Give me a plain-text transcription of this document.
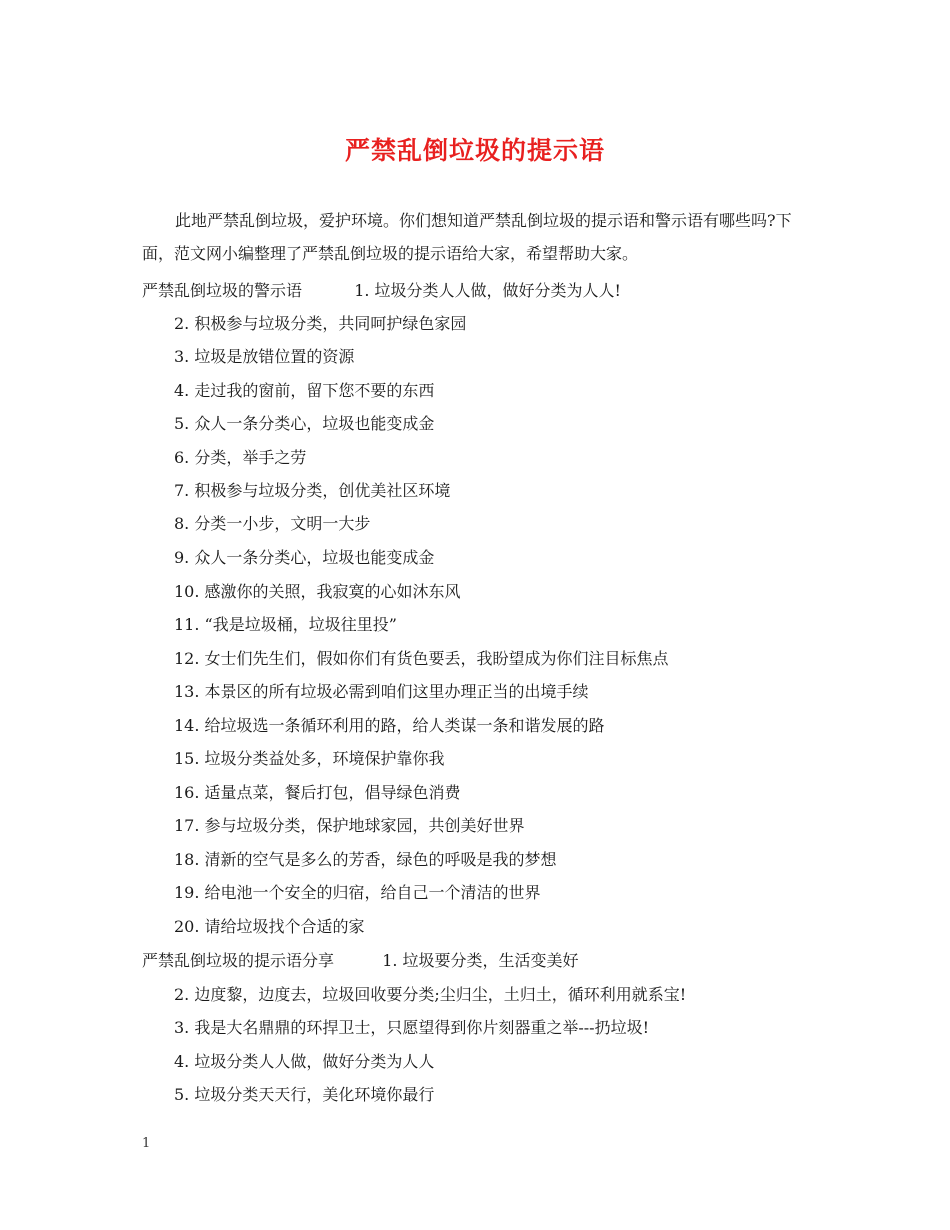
严禁乱倒垃圾的提示语
此地严禁乱倒垃圾，爱护环境。你们想知道严禁乱倒垃圾的提示语和警示语有哪些吗?下面，范文网小编整理了严禁乱倒垃圾的提示语给大家，希望帮助大家。
严禁乱倒垃圾的警示语	1. 垃圾分类人人做，做好分类为人人!
2. 积极参与垃圾分类，共同呵护绿色家园
3. 垃圾是放错位置的资源
4. 走过我的窗前，留下您不要的东西
5. 众人一条分类心，垃圾也能变成金
6. 分类，举手之劳
7. 积极参与垃圾分类，创优美社区环境
8. 分类一小步，文明一大步
9. 众人一条分类心，垃圾也能变成金
10. 感激你的关照，我寂寞的心如沐东风
11. “我是垃圾桶，垃圾往里投”
12. 女士们先生们，假如你们有货色要丢，我盼望成为你们注目标焦点
13. 本景区的所有垃圾必需到咱们这里办理正当的出境手续
14. 给垃圾选一条循环利用的路，给人类谋一条和谐发展的路
15. 垃圾分类益处多，环境保护靠你我
16. 适量点菜，餐后打包，倡导绿色消费
17. 参与垃圾分类，保护地球家园，共创美好世界
18. 清新的空气是多么的芳香，绿色的呼吸是我的梦想
19. 给电池一个安全的归宿，给自己一个清洁的世界
20. 请给垃圾找个合适的家
严禁乱倒垃圾的提示语分享	1. 垃圾要分类，生活变美好
2. 边度黎，边度去，垃圾回收要分类;尘归尘，土归土，循环利用就系宝!
3. 我是大名鼎鼎的环捍卫士，只愿望得到你片刻器重之举---扔垃圾!
4. 垃圾分类人人做，做好分类为人人
5. 垃圾分类天天行，美化环境你最行
1
